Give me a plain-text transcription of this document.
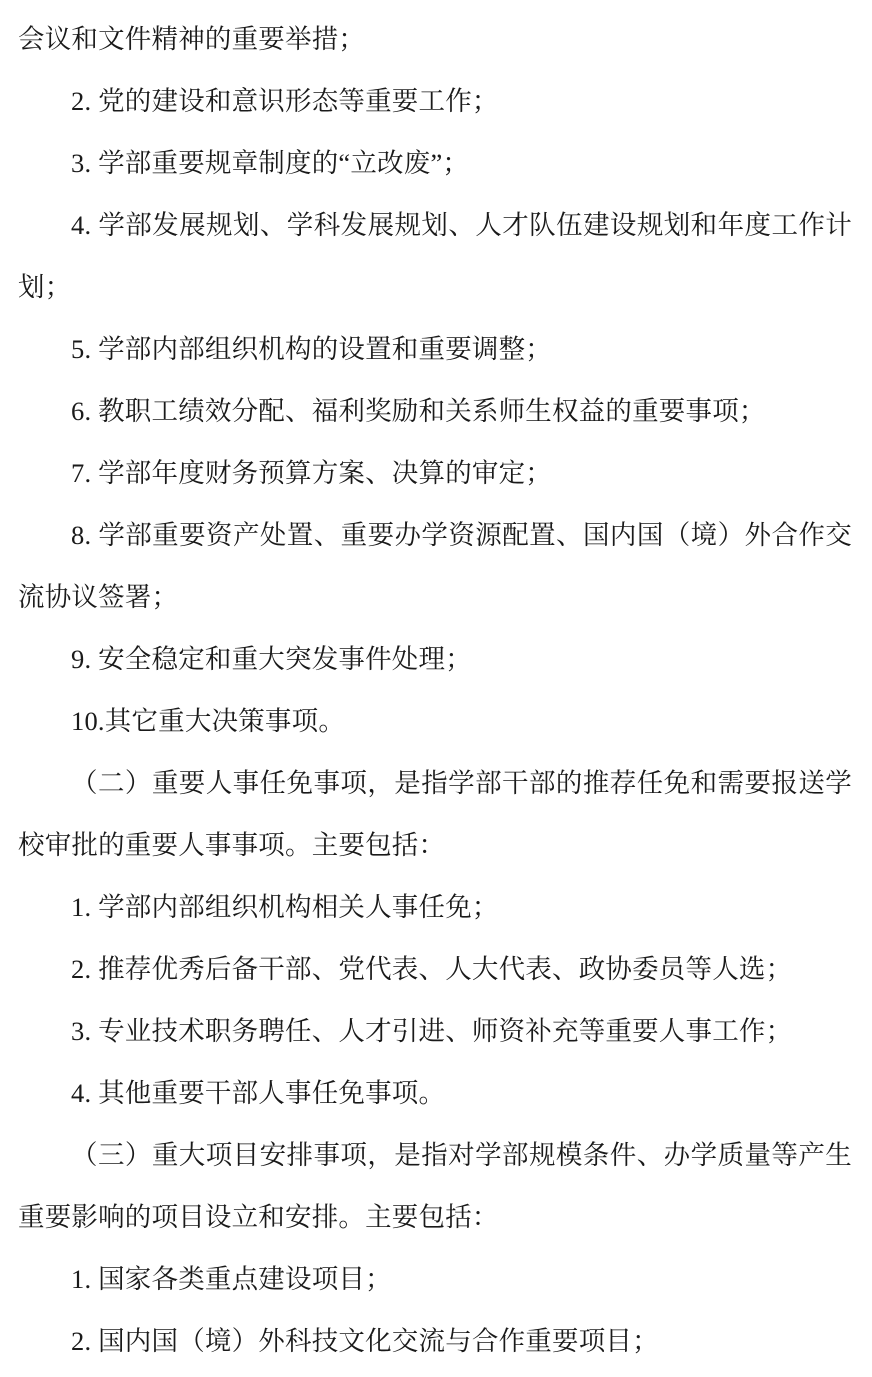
会议和文件精神的重要举措；

2. 党的建设和意识形态等重要工作；

3. 学部重要规章制度的“立改废”；

4. 学部发展规划、学科发展规划、人才队伍建设规划和年度工作计划；

5. 学部内部组织机构的设置和重要调整；

6. 教职工绩效分配、福利奖励和关系师生权益的重要事项；

7. 学部年度财务预算方案、决算的审定；

8. 学部重要资产处置、重要办学资源配置、国内国（境）外合作交流协议签署；

9. 安全稳定和重大突发事件处理；

10.其它重大决策事项。

（二）重要人事任免事项，是指学部干部的推荐任免和需要报送学校审批的重要人事事项。主要包括：

1. 学部内部组织机构相关人事任免；

2. 推荐优秀后备干部、党代表、人大代表、政协委员等人选；

3. 专业技术职务聘任、人才引进、师资补充等重要人事工作；

4. 其他重要干部人事任免事项。

（三）重大项目安排事项，是指对学部规模条件、办学质量等产生重要影响的项目设立和安排。主要包括：

1. 国家各类重点建设项目；

2. 国内国（境）外科技文化交流与合作重要项目；
